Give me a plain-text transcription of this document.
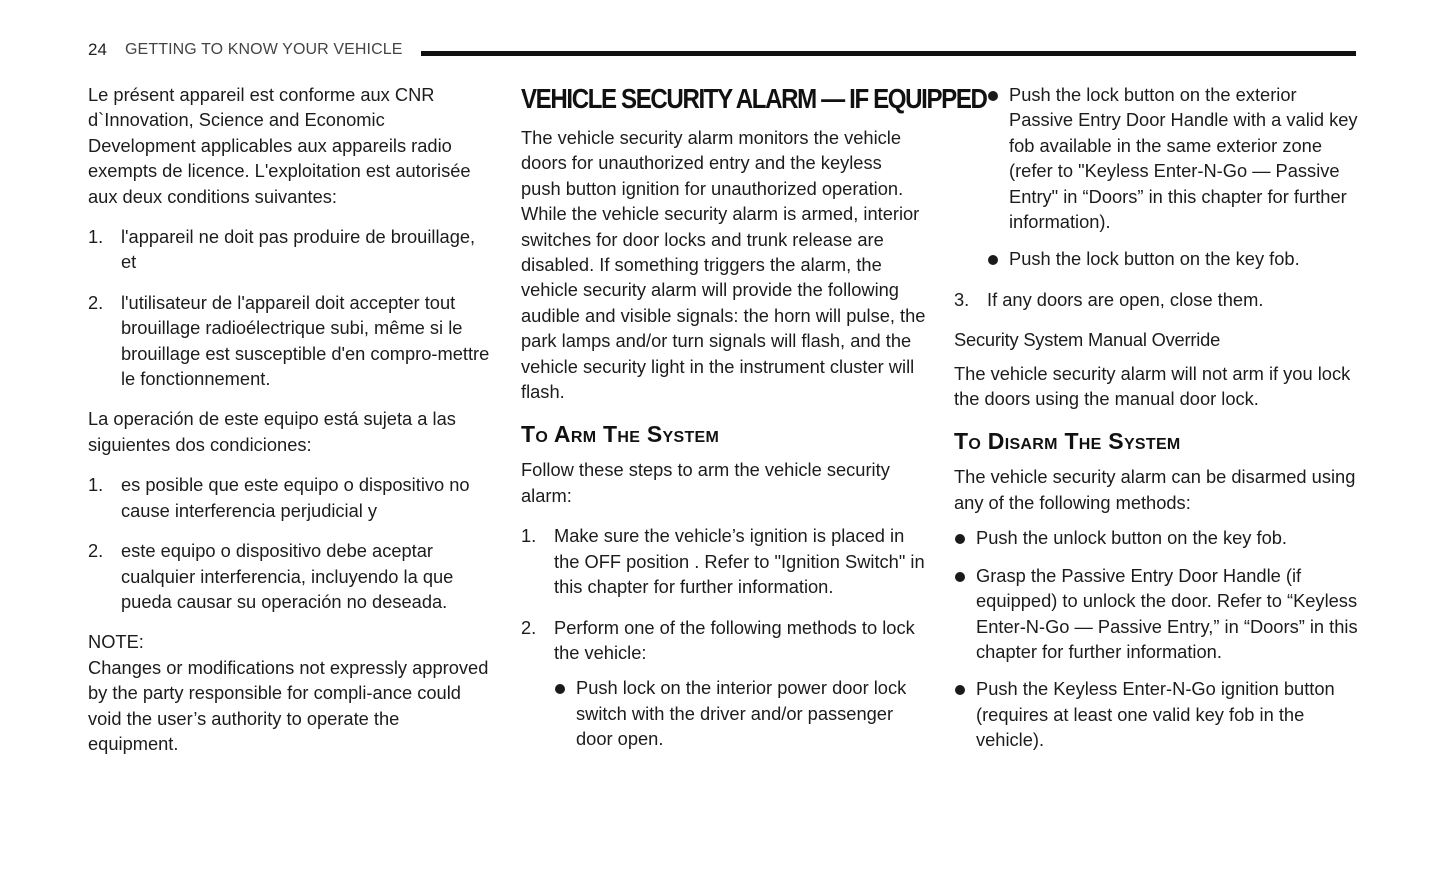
24 GETTING TO KNOW YOUR VEHICLE

Le présent appareil est conforme aux CNR d`Innovation, Science and Economic Development applicables aux appareils radio exempts de licence. L'exploitation est autorisée aux deux conditions suivantes:

1. l'appareil ne doit pas produire de brouillage, et
2. l'utilisateur de l'appareil doit accepter tout brouillage radioélectrique subi, même si le brouillage est susceptible d'en compro-mettre le fonctionnement.

La operación de este equipo está sujeta a las siguientes dos condiciones:

1. es posible que este equipo o dispositivo no cause interferencia perjudicial y
2. este equipo o dispositivo debe aceptar cualquier interferencia, incluyendo la que pueda causar su operación no deseada.

NOTE:

Changes or modifications not expressly approved by the party responsible for compli-ance could void the user’s authority to operate the equipment.

VEHICLE SECURITY ALARM — IF EQUIPPED

The vehicle security alarm monitors the vehicle doors for unauthorized entry and the keyless push button ignition for unauthorized operation. While the vehicle security alarm is armed, interior switches for door locks and trunk release are disabled. If something triggers the alarm, the vehicle security alarm will provide the following audible and visible signals: the horn will pulse, the park lamps and/or turn signals will flash, and the vehicle security light in the instrument cluster will flash.

To Arm The System

Follow these steps to arm the vehicle security alarm:

1. Make sure the vehicle’s ignition is placed in the OFF position . Refer to "Ignition Switch" in this chapter for further information.
2. Perform one of the following methods to lock the vehicle:
Push lock on the interior power door lock switch with the driver and/or passenger door open.
Push the lock button on the exterior Passive Entry Door Handle with a valid key fob available in the same exterior zone (refer to "Keyless Enter-N-Go — Passive Entry" in “Doors” in this chapter for further information).
Push the lock button on the key fob.
3. If any doors are open, close them.
Security System Manual Override

The vehicle security alarm will not arm if you lock the doors using the manual door lock.

To Disarm The System

The vehicle security alarm can be disarmed using any of the following methods:

Push the unlock button on the key fob.
Grasp the Passive Entry Door Handle (if equipped) to unlock the door. Refer to “Keyless Enter-N-Go — Passive Entry,” in “Doors” in this chapter for further information.
Push the Keyless Enter-N-Go ignition button (requires at least one valid key fob in the vehicle).
